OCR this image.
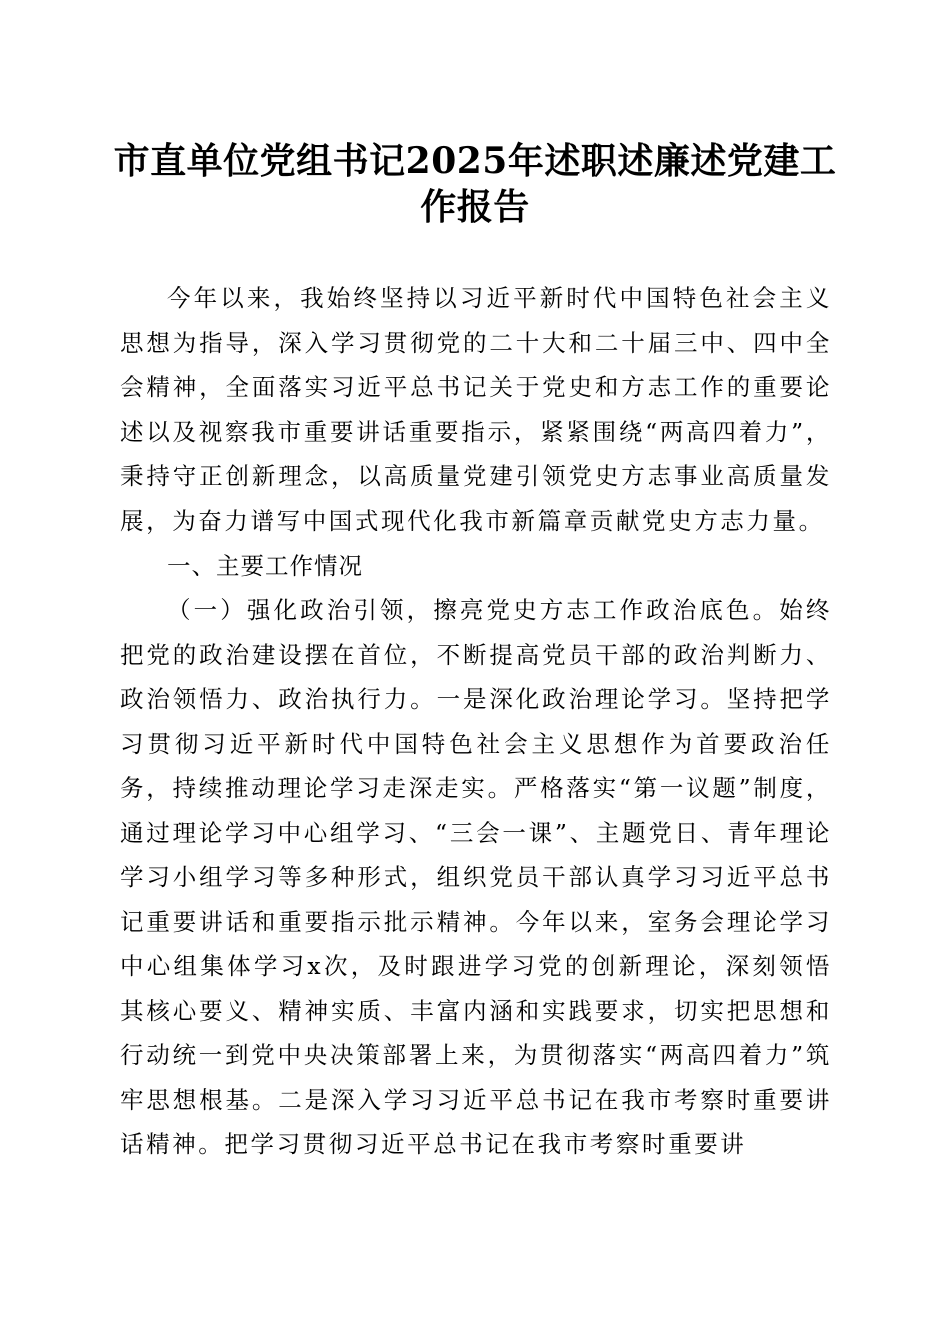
市直单位党组书记2025年述职述廉述党建工作报告

今年以来，我始终坚持以习近平新时代中国特色社会主义思想为指导，深入学习贯彻党的二十大和二十届三中、四中全会精神，全面落实习近平总书记关于党史和方志工作的重要论述以及视察我市重要讲话重要指示，紧紧围绕“两高四着力”，秉持守正创新理念，以高质量党建引领党史方志事业高质量发展，为奋力谱写中国式现代化我市新篇章贡献党史方志力量。

一、主要工作情况

（一）强化政治引领，擦亮党史方志工作政治底色。始终把党的政治建设摆在首位，不断提高党员干部的政治判断力、政治领悟力、政治执行力。一是深化政治理论学习。坚持把学习贯彻习近平新时代中国特色社会主义思想作为首要政治任务，持续推动理论学习走深走实。严格落实“第一议题”制度，通过理论学习中心组学习、“三会一课”、主题党日、青年理论学习小组学习等多种形式，组织党员干部认真学习习近平总书记重要讲话和重要指示批示精神。今年以来，室务会理论学习中心组集体学习x次，及时跟进学习党的创新理论，深刻领悟其核心要义、精神实质、丰富内涵和实践要求，切实把思想和行动统一到党中央决策部署上来，为贯彻落实“两高四着力”筑牢思想根基。二是深入学习习近平总书记在我市考察时重要讲话精神。把学习贯彻习近平总书记在我市考察时重要讲
